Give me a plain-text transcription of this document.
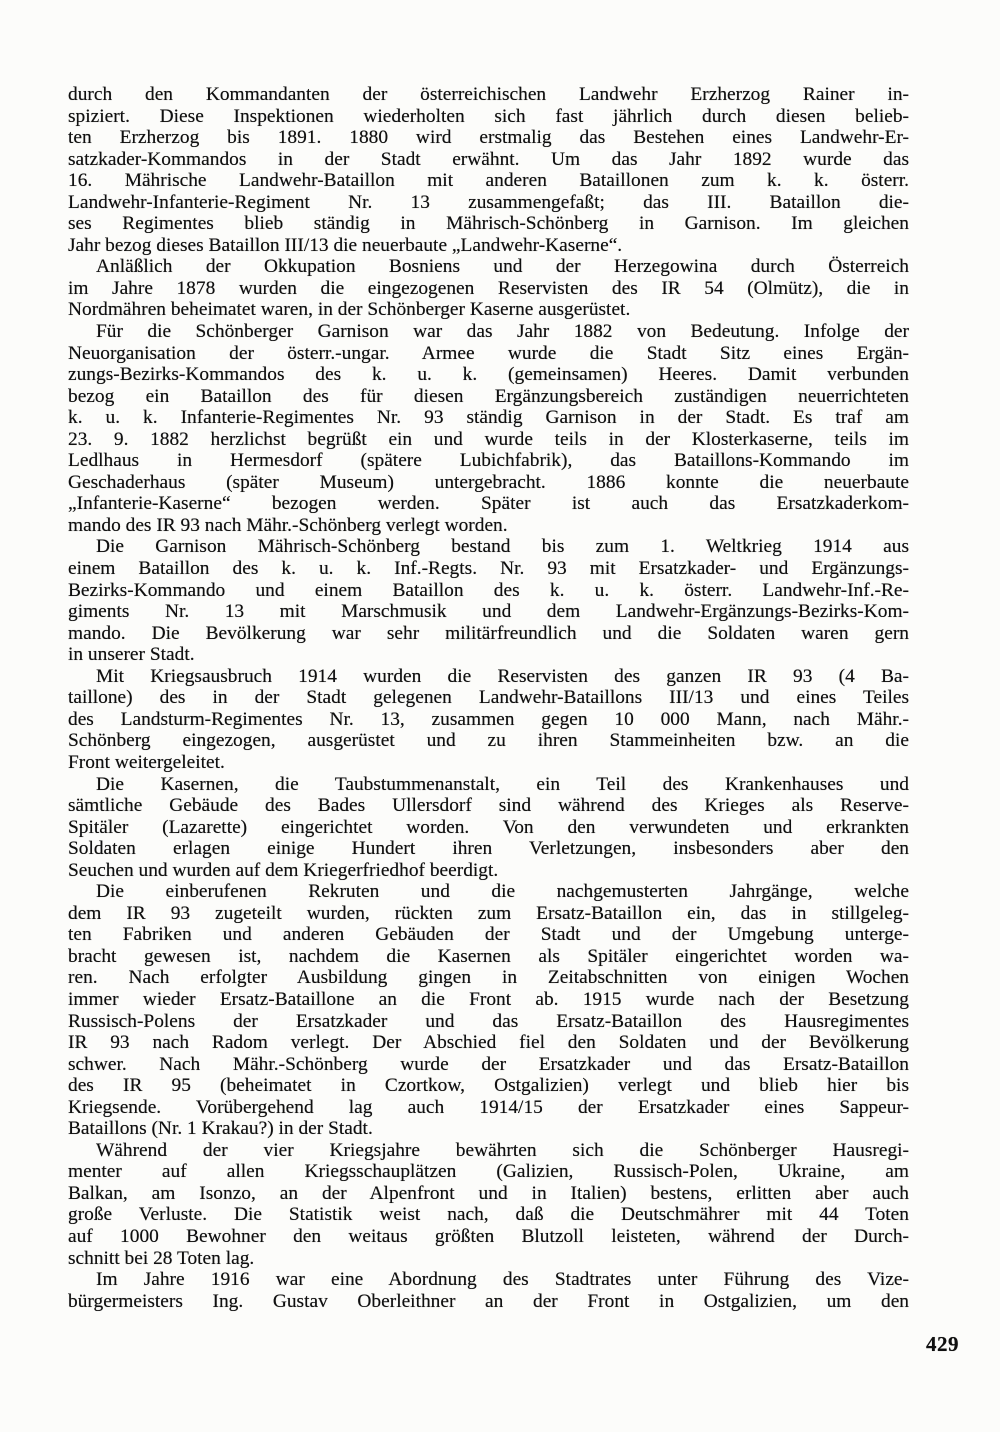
durch den Kommandanten der österreichischen Landwehr Erzherzog Rainer in-
spiziert. Diese Inspektionen wiederholten sich fast jährlich durch diesen belieb-
ten Erzherzog bis 1891. 1880 wird erstmalig das Bestehen eines Landwehr-Er-
satzkader-Kommandos in der Stadt erwähnt. Um das Jahr 1892 wurde das
16. Mährische Landwehr-Bataillon mit anderen Bataillonen zum k. k. österr.
Landwehr-Infanterie-Regiment Nr. 13 zusammengefaßt; das III. Bataillon die-
ses Regimentes blieb ständig in Mährisch-Schönberg in Garnison. Im gleichen
Jahr bezog dieses Bataillon III/13 die neuerbaute „Landwehr-Kaserne“.
Anläßlich der Okkupation Bosniens und der Herzegowina durch Österreich
im Jahre 1878 wurden die eingezogenen Reservisten des IR 54 (Olmütz), die in
Nordmähren beheimatet waren, in der Schönberger Kaserne ausgerüstet.
Für die Schönberger Garnison war das Jahr 1882 von Bedeutung. Infolge der
Neuorganisation der österr.-ungar. Armee wurde die Stadt Sitz eines Ergän-
zungs-Bezirks-Kommandos des k. u. k. (gemeinsamen) Heeres. Damit verbunden
bezog ein Bataillon des für diesen Ergänzungsbereich zuständigen neuerrichteten
k. u. k. Infanterie-Regimentes Nr. 93 ständig Garnison in der Stadt. Es traf am
23. 9. 1882 herzlichst begrüßt ein und wurde teils in der Klosterkaserne, teils im
Ledlhaus in Hermesdorf (spätere Lubichfabrik), das Bataillons-Kommando im
Geschaderhaus (später Museum) untergebracht. 1886 konnte die neuerbaute
„Infanterie-Kaserne“ bezogen werden. Später ist auch das Ersatzkaderkom-
mando des IR 93 nach Mähr.-Schönberg verlegt worden.
Die Garnison Mährisch-Schönberg bestand bis zum 1. Weltkrieg 1914 aus
einem Bataillon des k. u. k. Inf.-Regts. Nr. 93 mit Ersatzkader- und Ergänzungs-
Bezirks-Kommando und einem Bataillon des k. u. k. österr. Landwehr-Inf.-Re-
giments Nr. 13 mit Marschmusik und dem Landwehr-Ergänzungs-Bezirks-Kom-
mando. Die Bevölkerung war sehr militärfreundlich und die Soldaten waren gern
in unserer Stadt.
Mit Kriegsausbruch 1914 wurden die Reservisten des ganzen IR 93 (4 Ba-
taillone) des in der Stadt gelegenen Landwehr-Bataillons III/13 und eines Teiles
des Landsturm-Regimentes Nr. 13, zusammen gegen 10 000 Mann, nach Mähr.-
Schönberg eingezogen, ausgerüstet und zu ihren Stammeinheiten bzw. an die
Front weitergeleitet.
Die Kasernen, die Taubstummenanstalt, ein Teil des Krankenhauses und
sämtliche Gebäude des Bades Ullersdorf sind während des Krieges als Reserve-
Spitäler (Lazarette) eingerichtet worden. Von den verwundeten und erkrankten
Soldaten erlagen einige Hundert ihren Verletzungen, insbesonders aber den
Seuchen und wurden auf dem Kriegerfriedhof beerdigt.
Die einberufenen Rekruten und die nachgemusterten Jahrgänge, welche
dem IR 93 zugeteilt wurden, rückten zum Ersatz-Bataillon ein, das in stillgeleg-
ten Fabriken und anderen Gebäuden der Stadt und der Umgebung unterge-
bracht gewesen ist, nachdem die Kasernen als Spitäler eingerichtet worden wa-
ren. Nach erfolgter Ausbildung gingen in Zeitabschnitten von einigen Wochen
immer wieder Ersatz-Bataillone an die Front ab. 1915 wurde nach der Besetzung
Russisch-Polens der Ersatzkader und das Ersatz-Bataillon des Hausregimentes
IR 93 nach Radom verlegt. Der Abschied fiel den Soldaten und der Bevölkerung
schwer. Nach Mähr.-Schönberg wurde der Ersatzkader und das Ersatz-Bataillon
des IR 95 (beheimatet in Czortkow, Ostgalizien) verlegt und blieb hier bis
Kriegsende. Vorübergehend lag auch 1914/15 der Ersatzkader eines Sappeur-
Bataillons (Nr. 1 Krakau?) in der Stadt.
Während der vier Kriegsjahre bewährten sich die Schönberger Hausregi-
menter auf allen Kriegsschauplätzen (Galizien, Russisch-Polen, Ukraine, am
Balkan, am Isonzo, an der Alpenfront und in Italien) bestens, erlitten aber auch
große Verluste. Die Statistik weist nach, daß die Deutschmährer mit 44 Toten
auf 1000 Bewohner den weitaus größten Blutzoll leisteten, während der Durch-
schnitt bei 28 Toten lag.
Im Jahre 1916 war eine Abordnung des Stadtrates unter Führung des Vize-
bürgermeisters Ing. Gustav Oberleithner an der Front in Ostgalizien, um den
429
